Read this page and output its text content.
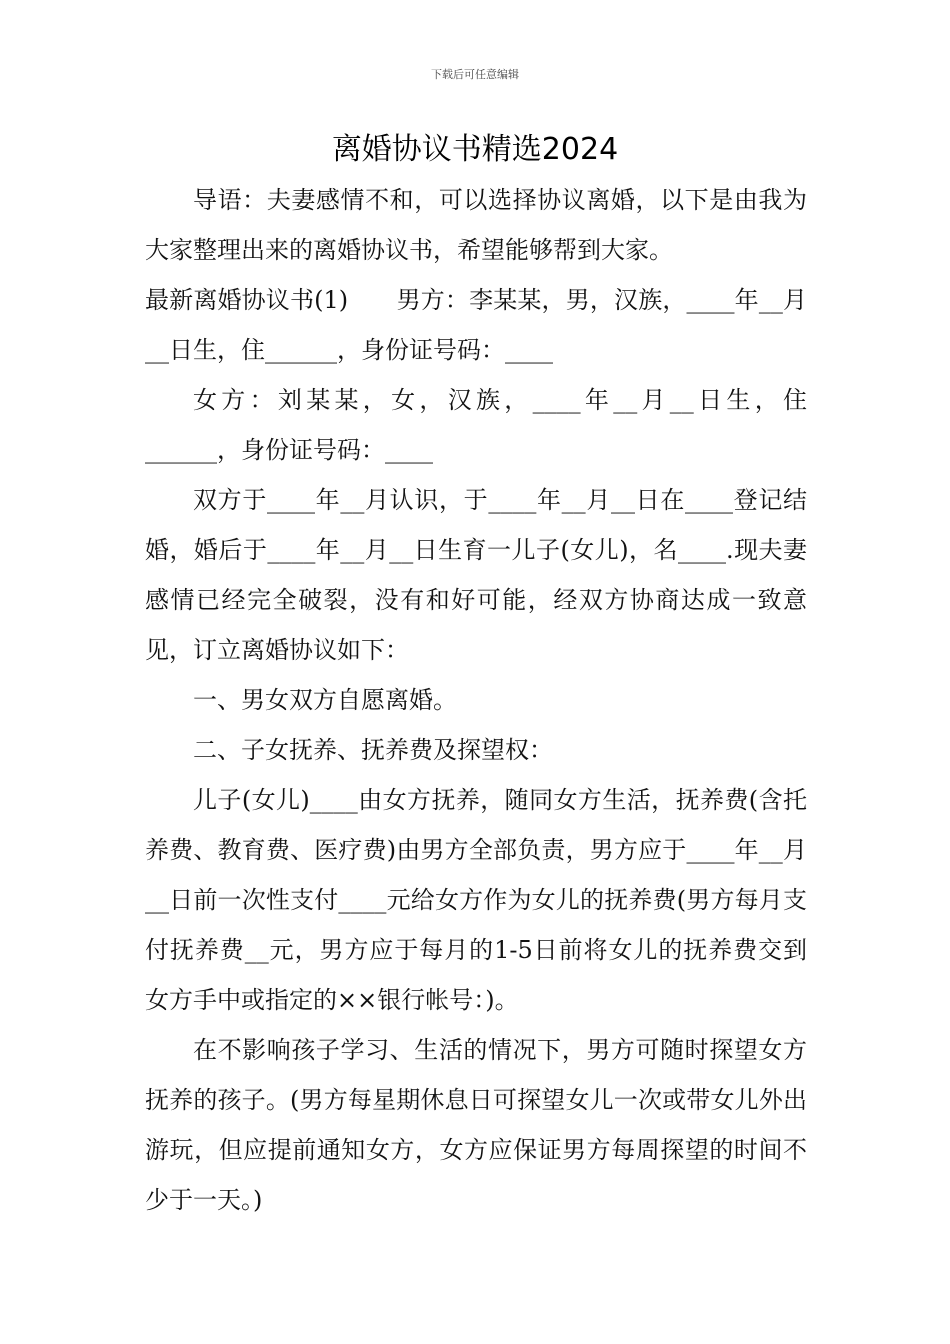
下载后可任意编辑
离婚协议书精选2024

导语：夫妻感情不和，可以选择协议离婚，以下是由我为大家整理出来的离婚协议书，希望能够帮到大家。

最新离婚协议书(1)　　男方：李某某，男，汉族，____年__月__日生，住______，身份证号码：____

女方：刘某某，女，汉族，____年__月__日生，住______，身份证号码：____

双方于____年__月认识，于____年__月__日在____登记结婚，婚后于____年__月__日生育一儿子(女儿)，名____.现夫妻感情已经完全破裂，没有和好可能，经双方协商达成一致意见，订立离婚协议如下：

一、男女双方自愿离婚。

二、子女抚养、抚养费及探望权：

儿子(女儿)____由女方抚养，随同女方生活，抚养费(含托养费、教育费、医疗费)由男方全部负责，男方应于____年__月__日前一次性支付____元给女方作为女儿的抚养费(男方每月支付抚养费__元，男方应于每月的1-5日前将女儿的抚养费交到女方手中或指定的××银行帐号：)。

在不影响孩子学习、生活的情况下，男方可随时探望女方抚养的孩子。(男方每星期休息日可探望女儿一次或带女儿外出游玩，但应提前通知女方，女方应保证男方每周探望的时间不少于一天。)
